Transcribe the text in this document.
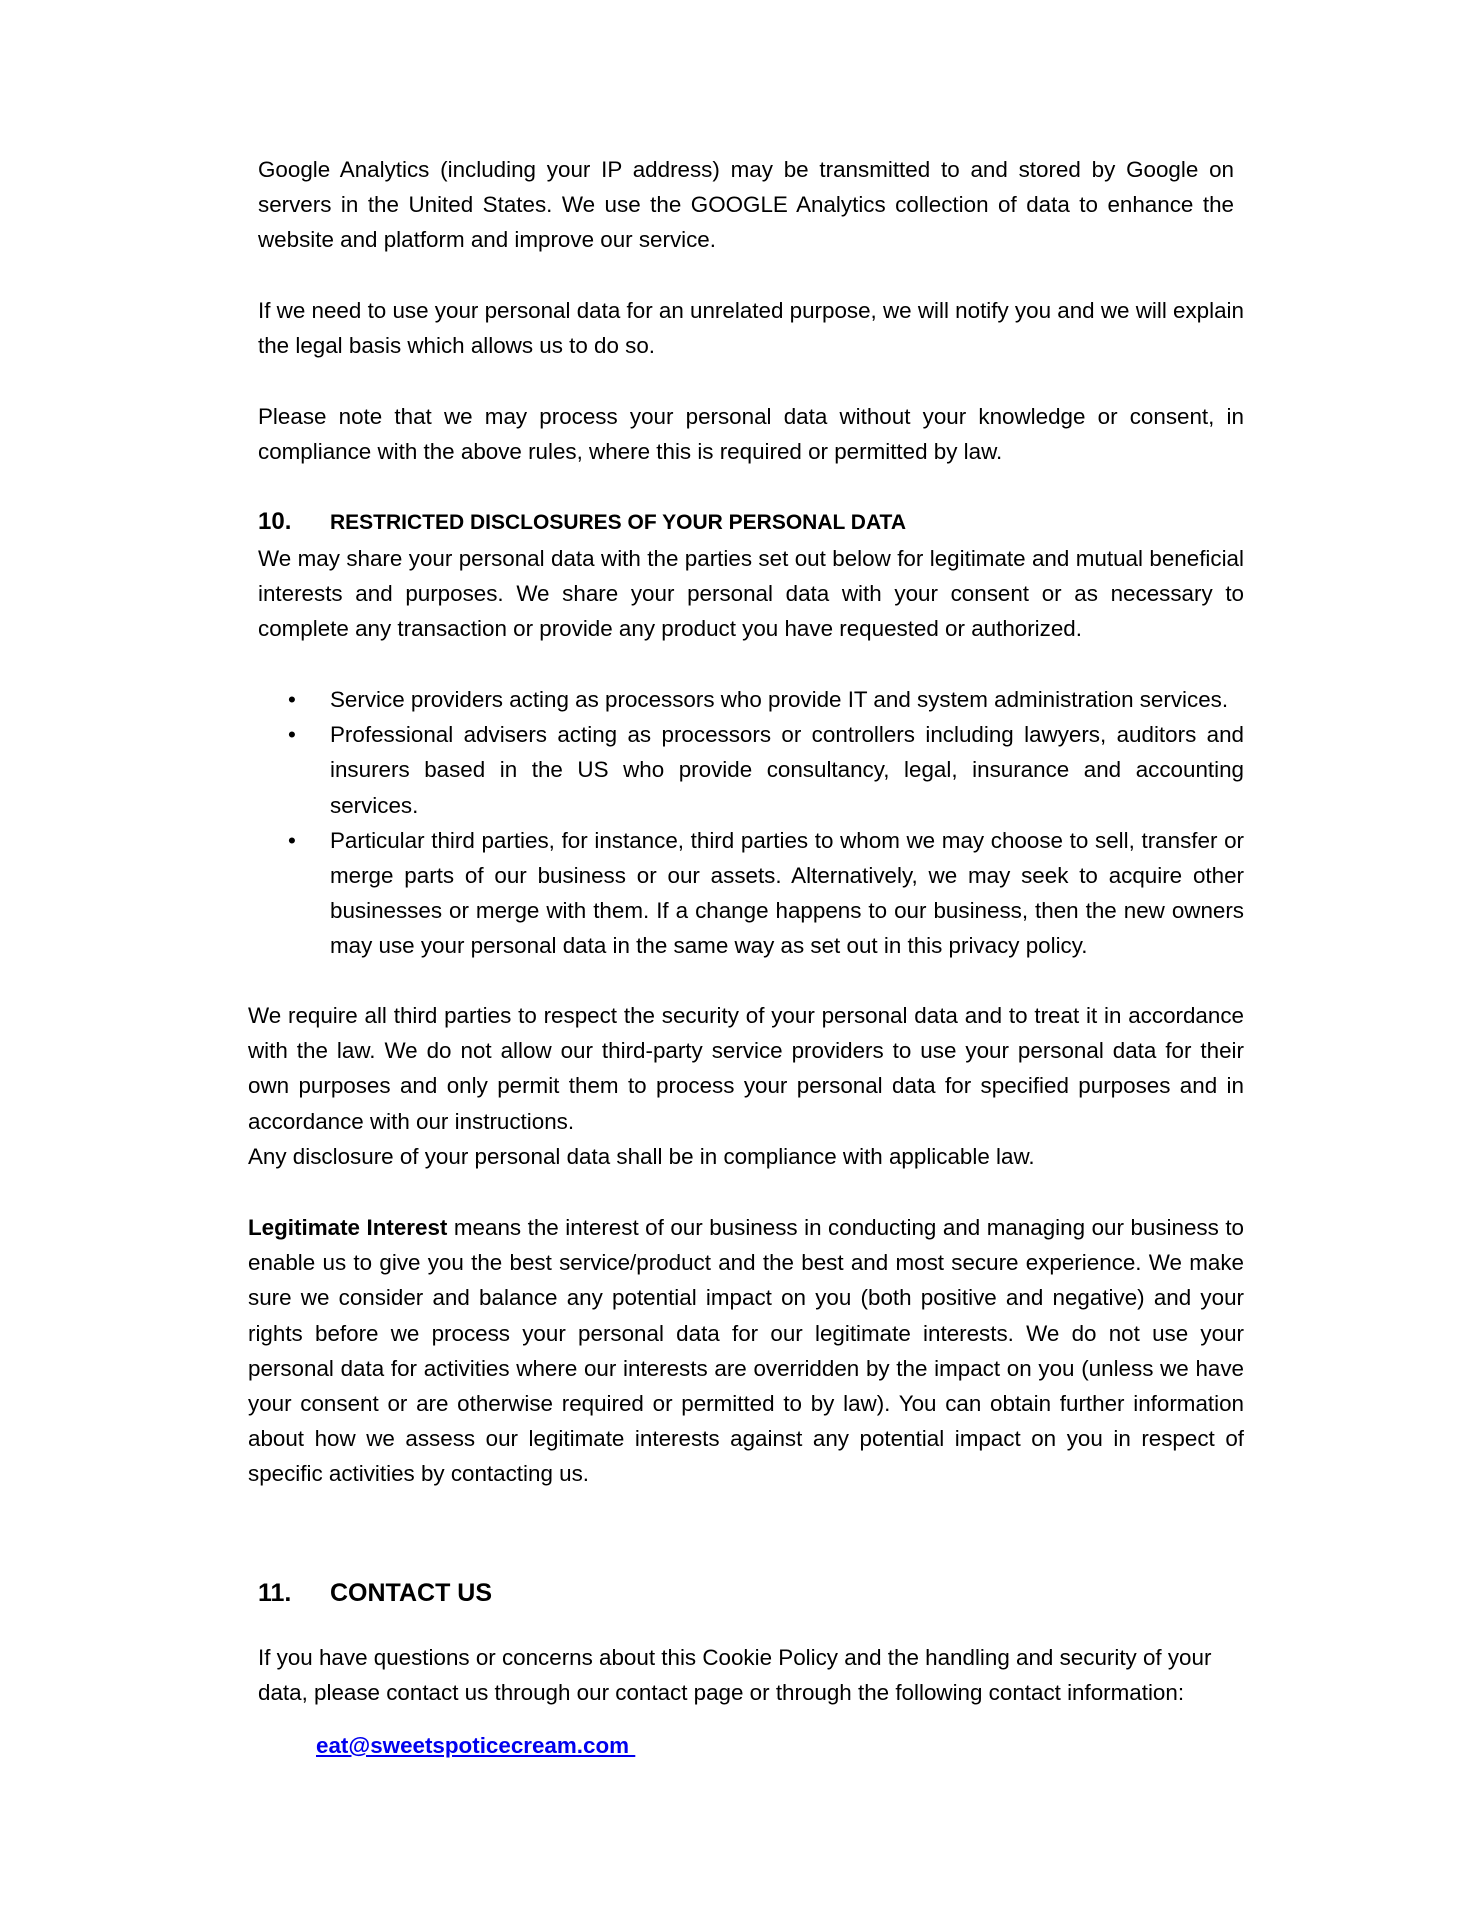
Google Analytics (including your IP address) may be transmitted to and stored by Google on servers in the United States. We use the GOOGLE Analytics collection of data to enhance the website and platform and improve our service.

If we need to use your personal data for an unrelated purpose, we will notify you and we will explain the legal basis which allows us to do so.

Please note that we may process your personal data without your knowledge or consent, in compliance with the above rules, where this is required or permitted by law.

10. RESTRICTED DISCLOSURES OF YOUR PERSONAL DATA

We may share your personal data with the parties set out below for legitimate and mutual beneficial interests and purposes. We share your personal data with your consent or as necessary to complete any transaction or provide any product you have requested or authorized.

• Service providers acting as processors who provide IT and system administration services.
• Professional advisers acting as processors or controllers including lawyers, auditors and insurers based in the US who provide consultancy, legal, insurance and accounting services.
• Particular third parties, for instance, third parties to whom we may choose to sell, transfer or merge parts of our business or our assets. Alternatively, we may seek to acquire other businesses or merge with them. If a change happens to our business, then the new owners may use your personal data in the same way as set out in this privacy policy.

We require all third parties to respect the security of your personal data and to treat it in accordance with the law. We do not allow our third-party service providers to use your personal data for their own purposes and only permit them to process your personal data for specified purposes and in accordance with our instructions.

Any disclosure of your personal data shall be in compliance with applicable law.

Legitimate Interest means the interest of our business in conducting and managing our business to enable us to give you the best service/product and the best and most secure experience. We make sure we consider and balance any potential impact on you (both positive and negative) and your rights before we process your personal data for our legitimate interests. We do not use your personal data for activities where our interests are overridden by the impact on you (unless we have your consent or are otherwise required or permitted to by law). You can obtain further information about how we assess our legitimate interests against any potential impact on you in respect of specific activities by contacting us.

11. CONTACT US

If you have questions or concerns about this Cookie Policy and the handling and security of your data, please contact us through our contact page or through the following contact information:

eat@sweetspoticecream.com
